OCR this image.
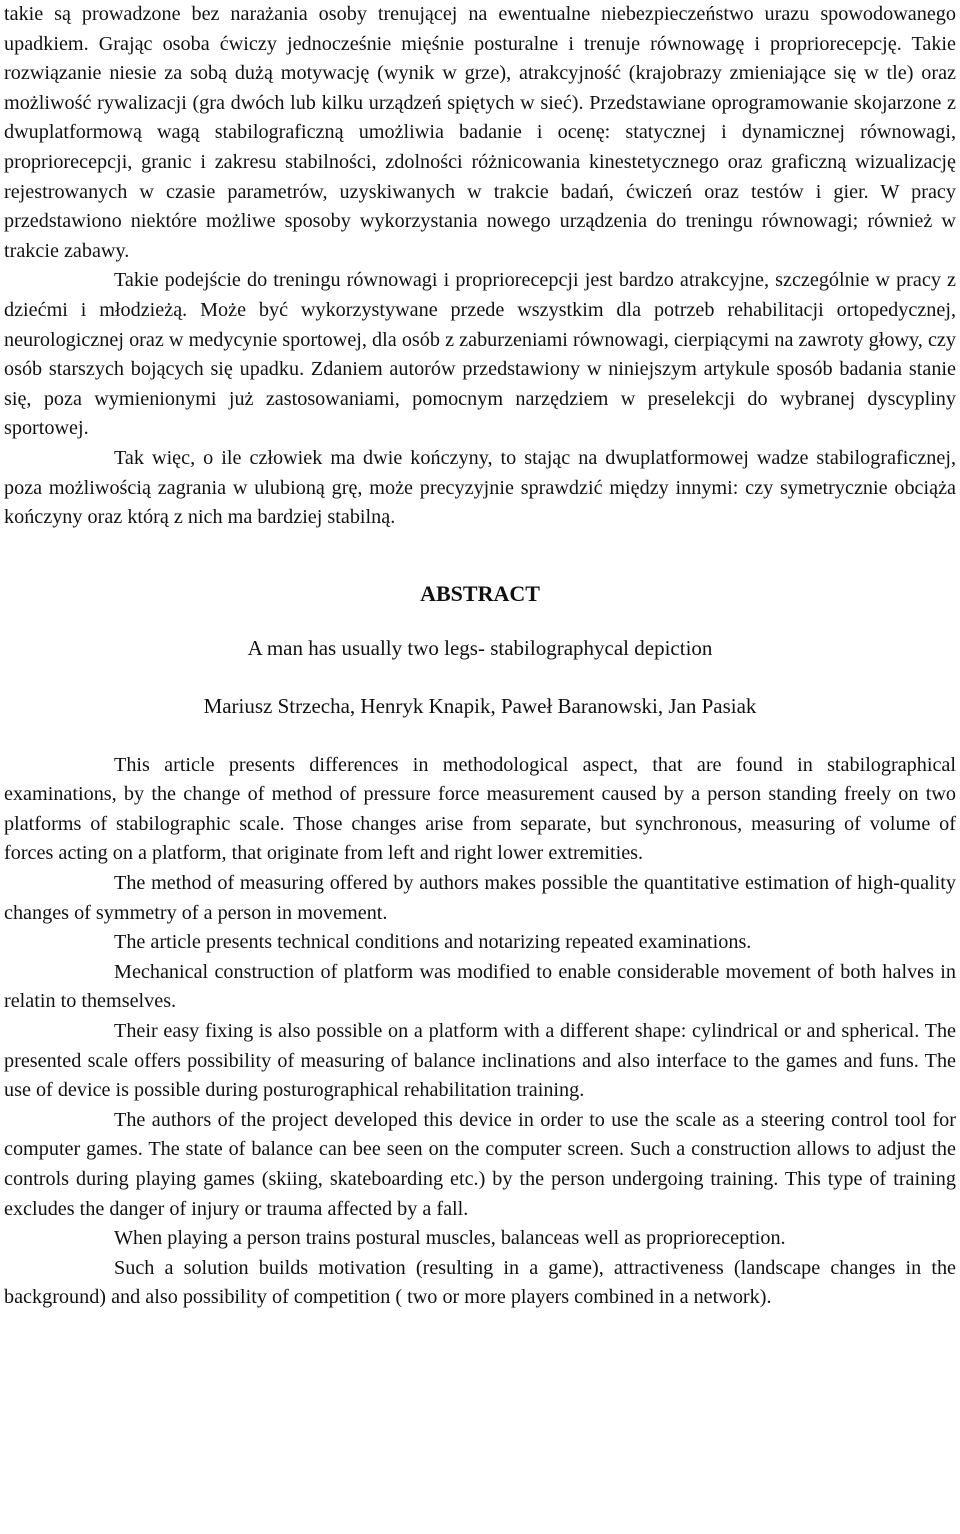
takie są prowadzone bez narażania osoby trenującej na ewentualne niebezpieczeństwo urazu spowodowanego upadkiem. Grając osoba ćwiczy jednocześnie mięśnie posturalne i trenuje równowagę i propriorecepcję. Takie rozwiązanie niesie za sobą dużą motywację (wynik w grze), atrakcyjność (krajobrazy zmieniające się w tle) oraz możliwość rywalizacji (gra dwóch lub kilku urządzeń spiętych w sieć). Przedstawiane oprogramowanie skojarzone z dwuplatformową wagą stabilograficzną umożliwia badanie i ocenę: statycznej i dynamicznej równowagi, propriorecepcji, granic i zakresu stabilności, zdolności różnicowania kinestetycznego oraz graficzną wizualizację rejestrowanych w czasie parametrów, uzyskiwanych w trakcie badań, ćwiczeń oraz testów i gier. W pracy przedstawiono niektóre możliwe sposoby wykorzystania nowego urządzenia do treningu równowagi; również w trakcie zabawy.

Takie podejście do treningu równowagi i propriorecepcji jest bardzo atrakcyjne, szczególnie w pracy z dziećmi i młodzieżą. Może być wykorzystywane przede wszystkim dla potrzeb rehabilitacji ortopedycznej, neurologicznej oraz w medycynie sportowej, dla osób z zaburzeniami równowagi, cierpiącymi na zawroty głowy, czy osób starszych bojących się upadku. Zdaniem autorów przedstawiony w niniejszym artykule sposób badania stanie się, poza wymienionymi już zastosowaniami, pomocnym narzędziem w preselekcji do wybranej dyscypliny sportowej.

Tak więc, o ile człowiek ma dwie kończyny, to stając na dwuplatformowej wadze stabilograficznej, poza możliwością zagrania w ulubioną grę, może precyzyjnie sprawdzić między innymi: czy symetrycznie obciąża kończyny oraz którą z nich ma bardziej stabilną.

ABSTRACT

A man has usually two legs- stabilographycal depiction

Mariusz Strzecha, Henryk Knapik, Paweł Baranowski, Jan Pasiak

This article presents differences in methodological aspect, that are found in stabilographical examinations, by the change of method of pressure force measurement caused by a person standing freely on two platforms of stabilographic scale. Those changes arise from separate, but synchronous, measuring of volume of forces acting on a platform, that originate from left and right lower extremities.

The method of measuring offered by authors makes possible the quantitative estimation of high-quality changes of symmetry of a person in movement.

The article presents technical conditions and notarizing repeated examinations.

Mechanical construction of platform was modified to enable considerable movement of both halves in relatin to themselves.

Their easy fixing is also possible on a platform with a different shape: cylindrical or and spherical. The presented scale offers possibility of measuring of balance inclinations and also interface to the games and funs. The use of device is possible during posturographical rehabilitation training.

The authors of the project developed this device in order to use the scale as a steering control tool for computer games. The state of balance can bee seen on the computer screen. Such a construction allows to adjust the controls during playing games (skiing, skateboarding etc.) by the person undergoing training. This type of training excludes the danger of injury or trauma affected by a fall.

When playing a person trains postural muscles, balanceas well as proprioreception.

Such a solution builds motivation (resulting in a game), attractiveness (landscape changes in the background) and also possibility of competition ( two or more players combined in a network).
